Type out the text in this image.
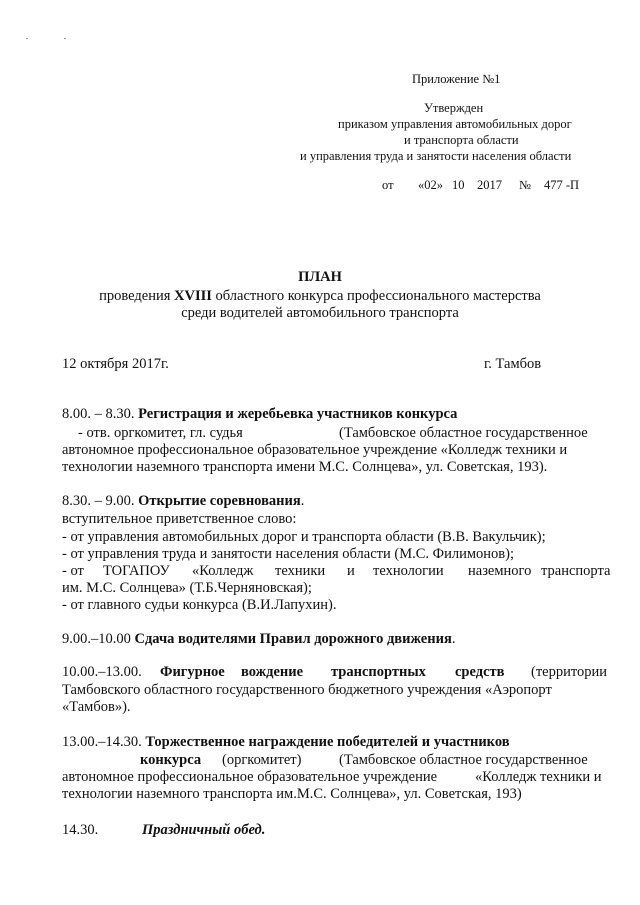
Приложение №1
Утвержден
приказом управления автомобильных дорог
и транспорта области
и управления труда и занятости населения области
от «02» 10 2017 № 477 -П
ПЛАН
проведения XVIII областного конкурса профессионального мастерства
среди водителей автомобильного транспорта
12 октября 2017г.	г. Тамбов
8.00. – 8.30. Регистрация и жеребьевка участников конкурса
- отв. оргкомитет, гл. судья	(Тамбовское областное государственное
автономное профессиональное образовательное учреждение «Колледж техники и
технологии наземного транспорта имени М.С. Солнцева», ул. Советская, 193).
8.30. – 9.00. Открытие соревнования.
вступительное приветственное слово:
- от управления автомобильных дорог и транспорта области (В.В. Вакульчик);
- от управления труда и занятости населения области (М.С. Филимонов);
- от ТОГАПОУ «Колледж техники и технологии наземного транспорта
им. М.С. Солнцева» (Т.Б.Черняновская);
- от главного судьи конкурса (В.И.Лапухин).
9.00.–10.00 Сдача водителями Правил дорожного движения.
10.00.–13.00. Фигурное вождение транспортных средств (территории
Тамбовского областного государственного бюджетного учреждения «Аэропорт
«Тамбов»).
13.00.–14.30. Торжественное награждение победителей и участников
конкурса (оргкомитет)	(Тамбовское областное государственное
автономное профессиональное образовательное учреждение	«Колледж техники и
технологии наземного транспорта им.М.С. Солнцева», ул. Советская, 193)
14.30.	Праздничный обед.
